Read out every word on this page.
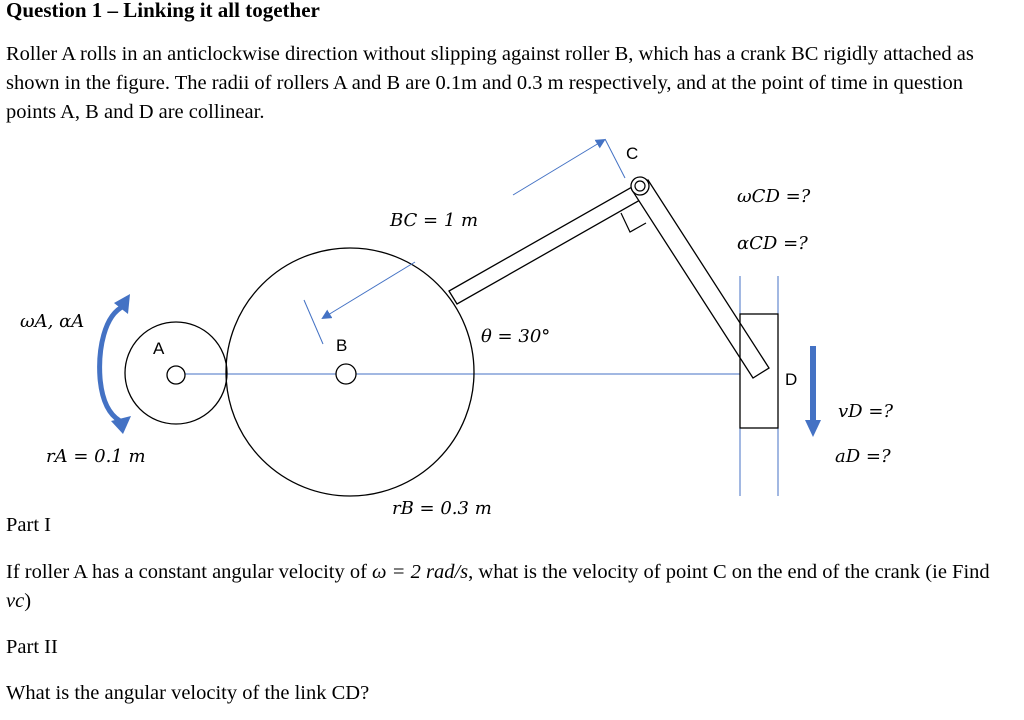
Question 1 – Linking it all together
Roller A rolls in an anticlockwise direction without slipping against roller B, which has a crank BC rigidly attached as shown in the figure. The radii of rollers A and B are 0.1m and 0.3 m respectively, and at the point of time in question points A, B and D are collinear.
A	B
C
D
ωA, αA
rA = 0.1 m
rB = 0.3 m
BC = 1 m
θ = 30°
ωCD =?
αCD =?
vD =?
aD =?
Part I
If roller A has a constant angular velocity of ω = 2 rad/s, what is the velocity of point C on the end of the crank (ie Find vc)
Part II
What is the angular velocity of the link CD?
